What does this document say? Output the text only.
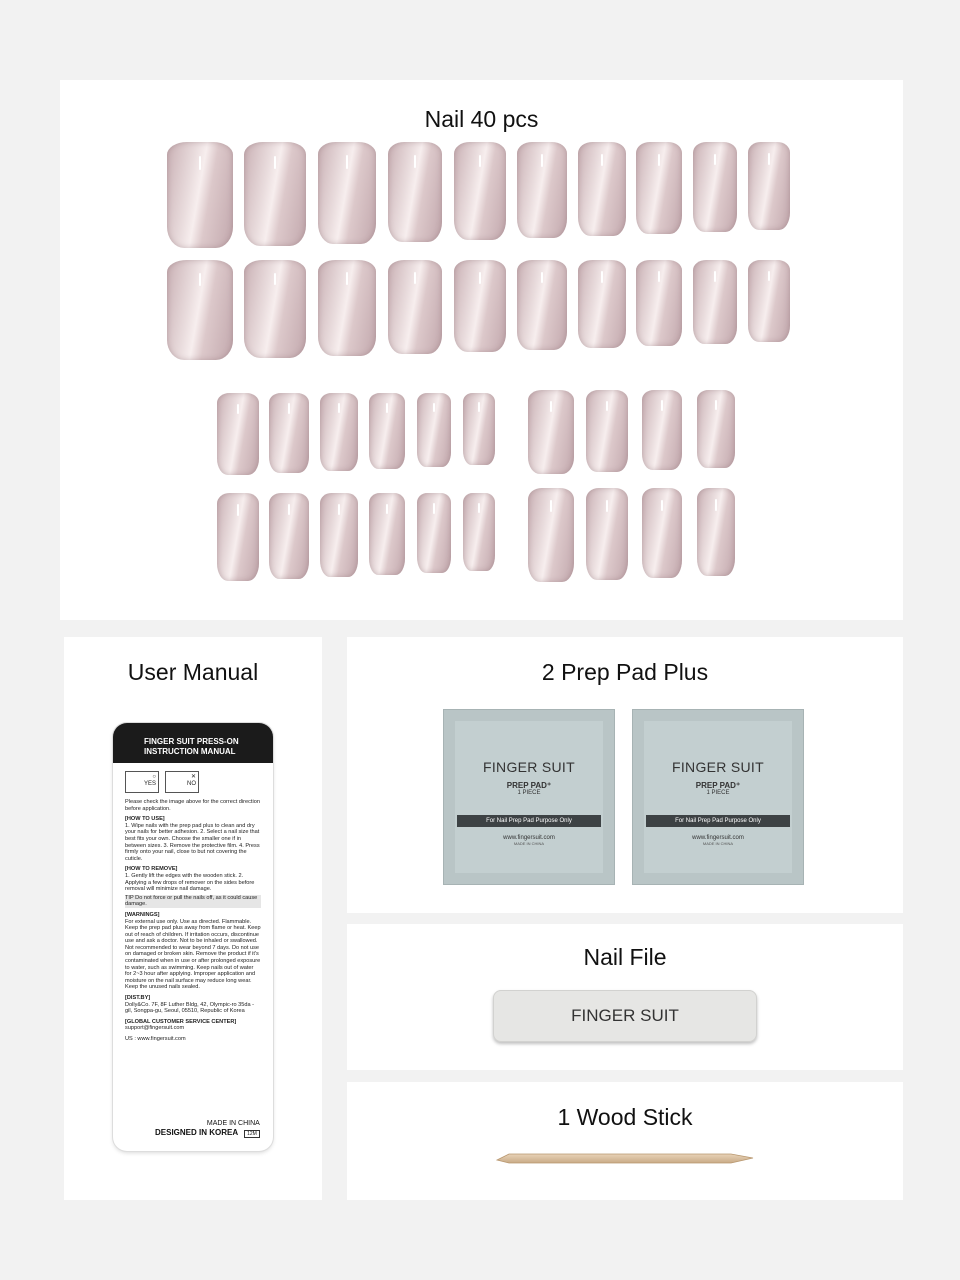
Nail 40 pcs
User Manual
FINGER SUIT PRESS-ON
INSTRUCTION MANUAL
○
YES
✕
NO
Please check the image above for the correct direction before application.
[HOW TO USE]
1. Wipe nails with the prep pad plus to clean and dry your nails for better adhesion. 2. Select a nail size that best fits your own. Choose the smaller one if in between sizes. 3. Remove the protective film. 4. Press firmly onto your nail, close to but not covering the cuticle.
[HOW TO REMOVE]
1. Gently lift the edges with the wooden stick. 2. Applying a few drops of remover on the sides before removal will minimize nail damage.
TIP Do not force or pull the nails off, as it could cause damage.
[WARNINGS]
For external use only. Use as directed. Flammable. Keep the prep pad plus away from flame or heat. Keep out of reach of children. If irritation occurs, discontinue use and ask a doctor. Not to be inhaled or swallowed. Not recommended to wear beyond 7 days. Do not use on damaged or broken skin. Remove the product if it's contaminated when in use or after prolonged exposure to water, such as swimming. Keep nails out of water for 2~3 hour after applying. Improper application and moisture on the nail surface may reduce long wear. Keep the unused nails sealed.
[DIST.BY]
Dolly&Co. 7F, 8F Luther Bldg, 42, Olympic-ro 35da -gil, Songpa-gu, Seoul, 05510, Republic of Korea
[GLOBAL CUSTOMER SERVICE CENTER]
support@fingersuit.com
US : www.fingersuit.com
MADE IN CHINA
DESIGNED IN KOREA 12M
2 Prep Pad Plus
FINGER SUIT
PREP PAD⁺
1 PIECE
For Nail Prep Pad Purpose Only
www.fingersuit.com
MADE IN CHINA
FINGER SUIT
PREP PAD⁺
1 PIECE
For Nail Prep Pad Purpose Only
www.fingersuit.com
MADE IN CHINA
Nail File
FINGER SUIT
1 Wood Stick
